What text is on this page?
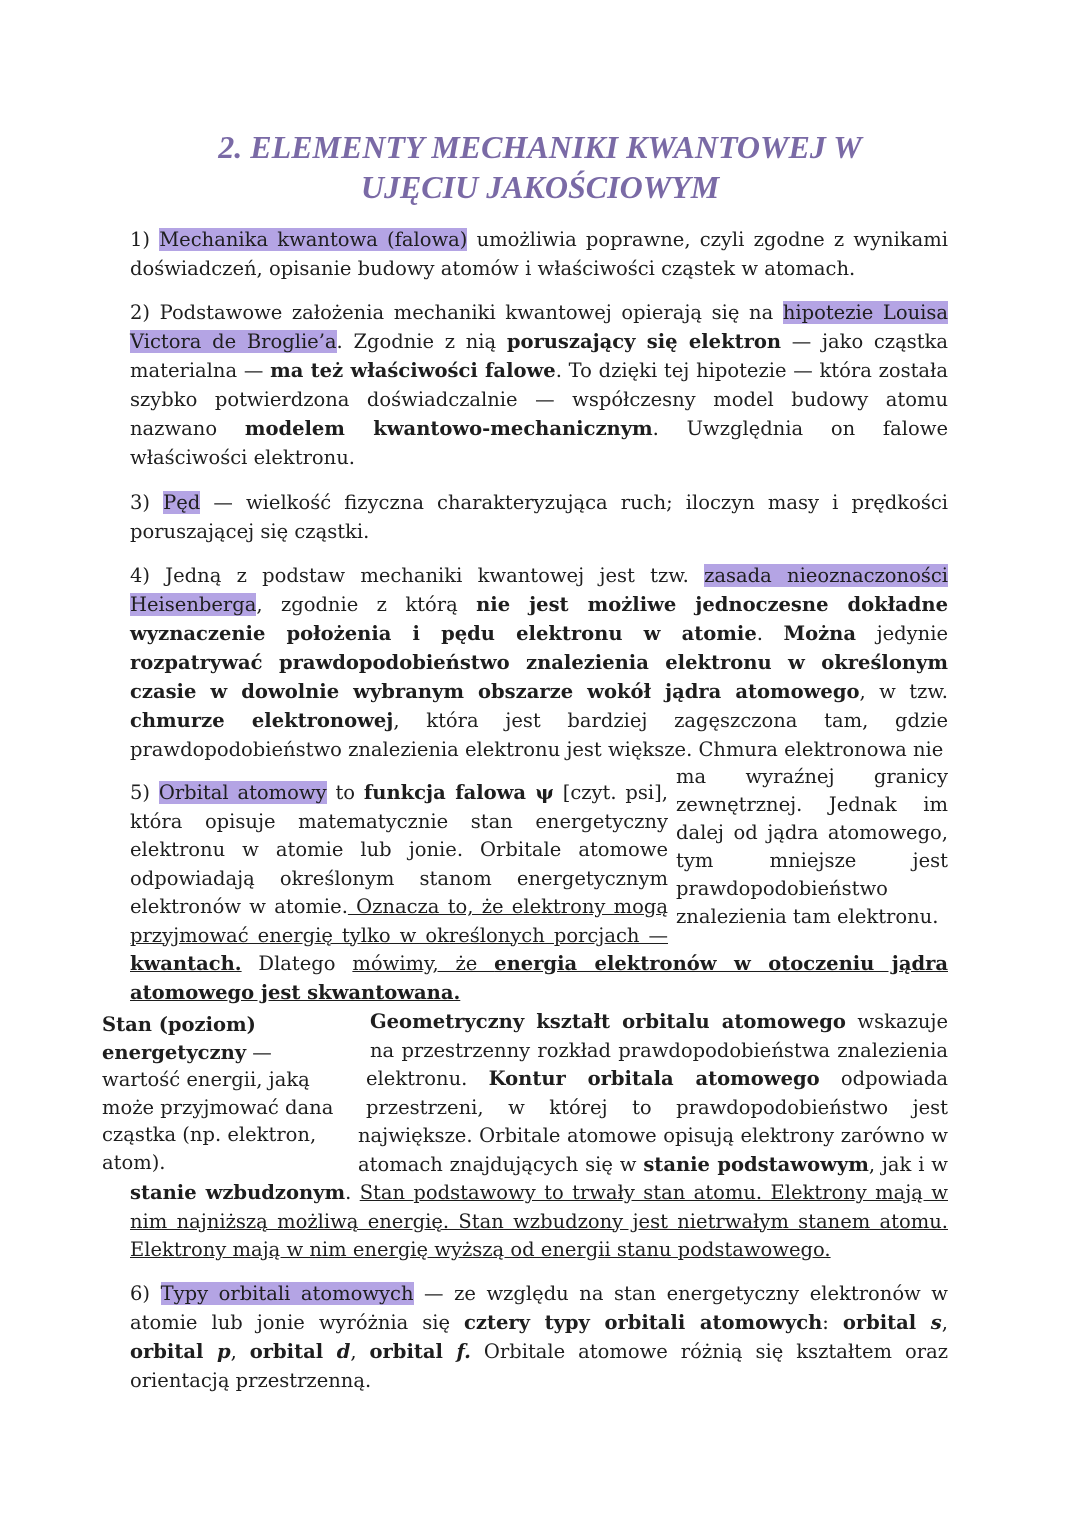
2. ELEMENTY MECHANIKI KWANTOWEJ W
UJĘCIU JAKOŚCIOWYM

1) Mechanika kwantowa (falowa) umożliwia poprawne, czyli zgodne z wynikami doświadczeń, opisanie budowy atomów i właściwości cząstek w atomach.

2) Podstawowe założenia mechaniki kwantowej opierają się na hipotezie Louisa Victora de Broglie’a. Zgodnie z nią poruszający się elektron — jako cząstka materialna — ma też właściwości falowe. To dzięki tej hipotezie — która została szybko potwierdzona doświadczalnie — współczesny model budowy atomu nazwano modelem kwantowo-mechanicznym. Uwzględnia on falowe właściwości elektronu.

3) Pęd — wielkość fizyczna charakteryzująca ruch; iloczyn masy i prędkości poruszającej się cząstki.

4) Jedną z podstaw mechaniki kwantowej jest tzw. zasada nieoznaczoności Heisenberga, zgodnie z którą nie jest możliwe jednoczesne dokładne wyznaczenie położenia i pędu elektronu w atomie. Można jedynie rozpatrywać prawdopodobieństwo znalezienia elektronu w określonym czasie w dowolnie wybranym obszarze wokół jądra atomowego, w tzw. chmurze elektronowej, która jest bardziej zagęszczona tam, gdzie prawdopodobieństwo znalezienia elektronu jest większe. Chmura elektronowa nie

ma wyraźnej granicy zewnętrznej. Jednak im dalej od jądra atomowego, tym mniejsze jest prawdopodobieństwo znalezienia tam elektronu.
5) Orbital atomowy to funkcja falowa ψ [czyt. psi], która opisuje matematycznie stan energetyczny elektronu w atomie lub jonie. Orbitale atomowe odpowiadają określonym stanom energetycznym elektronów w atomie. Oznacza to, że elektrony mogą przyjmować energię tylko w określonych porcjach — kwantach. Dlatego mówimy, że energia elektronów w otoczeniu jądra atomowego jest skwantowana.
Stan (poziom) energetyczny — wartość energii, jaką może przyjmować dana cząstka (np. elektron, atom).
Geometryczny kształt orbitalu atomowego wskazuje na przestrzenny rozkład prawdopodobieństwa znalezienia elektronu. Kontur orbitala atomowego odpowiada przestrzeni, w której to prawdopodobieństwo jest największe. Orbitale atomowe opisują elektrony zarówno w atomach znajdujących się w stanie podstawowym, jak i w stanie wzbudzonym. Stan podstawowy to trwały stan atomu. Elektrony mają w nim najniższą możliwą energię. Stan wzbudzony jest nietrwałym stanem atomu. Elektrony mają w nim energię wyższą od energii stanu podstawowego.

6) Typy orbitali atomowych — ze względu na stan energetyczny elektronów w atomie lub jonie wyróżnia się cztery typy orbitali atomowych: orbital s, orbital p, orbital d, orbital f. Orbitale atomowe różnią się kształtem oraz orientacją przestrzenną.
